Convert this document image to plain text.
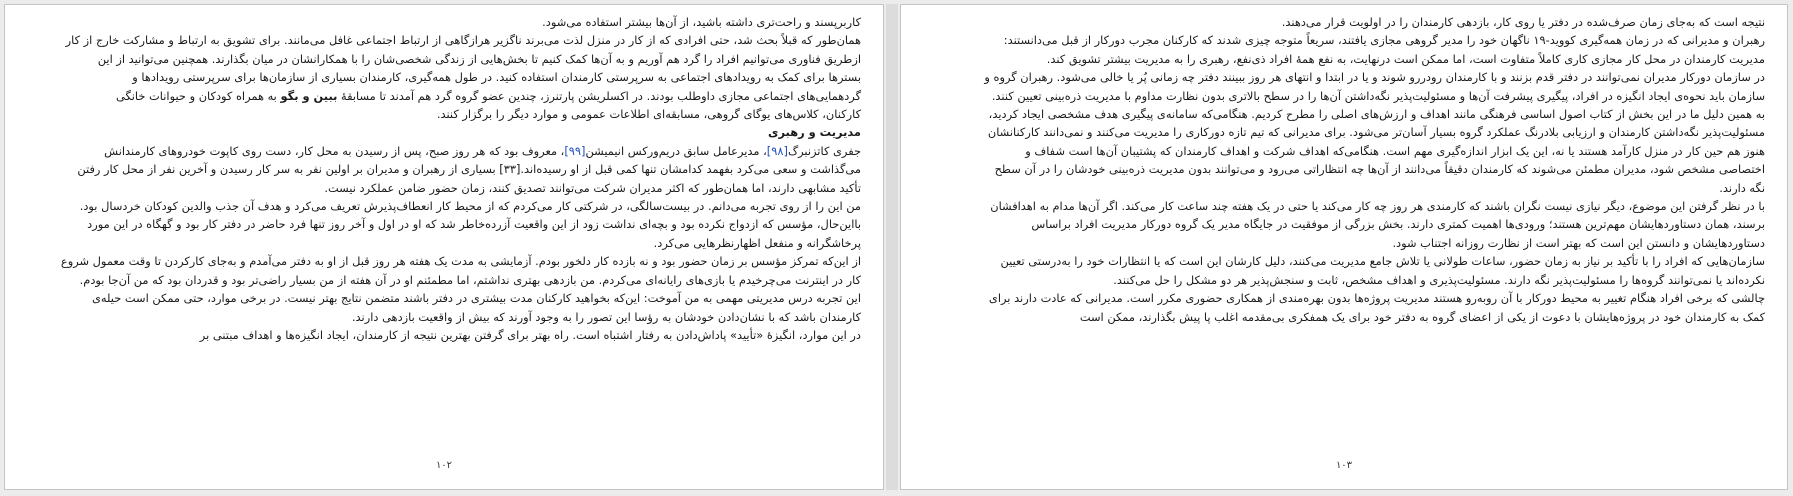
کاربرپسند و راحت‌تری داشته باشید، از آن‌ها بیشتر استفاده می‌شود.

همان‌طور که قبلاً بحث شد، حتی افرادی که از کار در منزل لذت می‌برند ناگزیر هرازگاهی از ارتباط اجتماعی غافل می‌مانند. برای تشویق به ارتباط و مشارکت خارج از کار

ازطریق فناوری می‌توانیم افراد را گرد هم آوریم و به آن‌ها کمک کنیم تا بخش‌هایی از زندگی شخصی‌شان را با همکارانشان در میان بگذارند. همچنین می‌توانید از این

بستر‌ها برای کمک به رویدادهای اجتماعی به سرپرستی کارمندان استفاده کنید. در طول همه‌گیری، کارمندان بسیاری از سازمان‌ها برای سرپرستی رویدادها و

گردهمایی‌های اجتماعی مجازی داوطلب بودند. در اکسلریشن پارتنرز، چندین عضو گروه گرد هم آمدند تا مسابقهٔ ببین و بگو به همراه کودکان و حیوانات خانگی

کارکنان، کلاس‌های یوگای گروهی، مسابقه‌ای اطلاعات عمومی و موارد دیگر را برگزار کنند.

مدیریت و رهبری

جفری کاتزنبرگ[۹۸]، مدیرعامل سابق دریم‌ورکس انیمیشن[۹۹]، معروف بود که هر روز صبح، پس از رسیدن به محل کار، دست روی کاپوت خودروهای کارمندانش

می‌گذاشت و سعی می‌کرد بفهمد کدامشان تنها کمی قبل از او رسیده‌اند.[۳۳] بسیاری از رهبران و مدیران بر اولین نفر به سر کار رسیدن و آخرین نفر از محل کار رفتن

تأکید مشابهی دارند، اما همان‌طور که اکثر مدیران شرکت می‌توانند تصدیق کنند، زمان حضور ضامن عملکرد نیست.

من این را از روی تجربه می‌دانم. در بیست‌سالگی، در شرکتی کار می‌کردم که از محیط کار انعطاف‌پذیرش تعریف می‌کرد و هدف آن جذب والدین کودکان خردسال بود.

بااین‌حال، مؤسس که ازدواج نکرده بود و بچه‌ای نداشت زود از این واقعیت آزرده‌خاطر شد که او در اول و آخر روز تنها فرد حاضر در دفتر کار بود و گهگاه در این مورد

پرخاشگرانه و منفعل اظهارنظرهایی می‌کرد.

از این‌که تمرکز مؤسس بر زمان حضور بود و نه بازده کار دلخور بودم. آزمایشی به مدت یک هفته هر روز قبل از او به دفتر می‌آمدم و به‌جای کارکردن تا وقت معمول شروع

کار در اینترنت می‌چرخیدم یا بازی‌های رایانه‌ای می‌کردم. من بازدهی بهتری نداشتم، اما مطمئنم او در آن هفته از من بسیار راضی‌تر بود و قدردان بود که من آن‌جا بودم.

این تجربه درس مدیریتی مهمی به من آموخت: این‌که بخواهید کارکنان مدت بیشتری در دفتر باشند متضمن نتایج بهتر نیست. در برخی موارد، حتی ممکن است حیله‌ی

کارمندان باشد که با نشان‌دادن خودشان به رؤسا این تصور را به وجود آورند که بیش از واقعیت بازدهی دارند.

در این موارد، انگیزهٔ «تأیید» پاداش‌دادن به رفتار اشتباه است. راه بهتر برای گرفتن بهترین نتیجه از کارمندان، ایجاد انگیزه‌ها و اهداف مبتنی بر

۱۰۲

نتیجه است که به‌جای زمان صرف‌شده در دفتر یا روی کار، بازدهی کارمندان را در اولویت قرار می‌دهند.

رهبران و مدیرانی که در زمان همه‌گیری کووید-۱۹ ناگهان خود را مدیر گروهی مجازی یافتند، سریعاً متوجه چیزی شدند که کارکنان مجرب دورکار از قبل می‌دانستند:

مدیریت کارمندان در محل کار مجازی کاری کاملاً متفاوت است، اما ممکن است درنهایت، به نفع همهٔ افراد ذی‌نفع، رهبری را به مدیریت بیشتر تشویق کند.

در سازمان دورکار مدیران نمی‌توانند در دفتر قدم بزنند و با کارمندان رودررو شوند و یا در ابتدا و انتهای هر روز ببینند دفتر چه زمانی پُر یا خالی می‌شود. رهبران گروه و

سازمان باید نحوه‌ی ایجاد انگیزه در افراد، پیگیری پیشرفت آن‌ها و مسئولیت‌پذیر نگه‌داشتن آن‌ها را در سطح بالاتری بدون نظارت مداوم با مدیریت ذره‌بینی تعیین کنند.

به همین دلیل ما در این بخش از کتاب اصول اساسی فرهنگی مانند اهداف و ارزش‌های اصلی را مطرح کردیم. هنگامی‌که سامانه‌ی پیگیری هدف مشخصی ایجاد کردید،

مسئولیت‌پذیر نگه‌داشتن کارمندان و ارزیابی بلادرنگ عملکرد گروه بسیار آسان‌تر می‌شود. برای مدیرانی که تیم تازه دورکاری را مدیریت می‌کنند و نمی‌دانند کارکنانشان

هنوز هم حین کار در منزل کارآمد هستند یا نه، این یک ابزار اندازه‌گیری مهم است. هنگامی‌که اهداف شرکت و اهداف کارمندان که پشتیبان آن‌ها است شفاف و

اختصاصی مشخص شود، مدیران مطمئن می‌شوند که کارمندان دقیقاً می‌دانند از آن‌ها چه انتظاراتی می‌رود و می‌توانند بدون مدیریت ذره‌بینی خودشان را در آن سطح

نگه دارند.

با در نظر گرفتن این موضوع، دیگر نیازی نیست نگران باشند که کارمندی هر روز چه کار می‌کند یا حتی در یک هفته چند ساعت کار می‌کند. اگر آن‌ها مدام به اهدافشان

برسند، همان دستاوردهایشان مهم‌ترین هستند؛ ورودی‌ها اهمیت کمتری دارند. بخش بزرگی از موفقیت در جایگاه مدیر یک گروه دورکار مدیریت افراد براساس

دستاوردهایشان و دانستن این است که بهتر است از نظارت روزانه اجتناب شود.

سازمان‌هایی که افراد را با تأکید بر نیاز به زمان حضور، ساعات طولانی یا تلاش جامع مدیریت می‌کنند، دلیل کارشان این است که یا انتظارات خود را به‌درستی تعیین

نکرده‌اند یا نمی‌توانند گروه‌ها را مسئولیت‌پذیر نگه دارند. مسئولیت‌پذیری و اهداف مشخص، ثابت و سنجش‌پذیر هر دو مشکل را حل می‌کنند.

چالشی که برخی افراد هنگام تغییر به محیط دورکار با آن روبه‌رو هستند مدیریت پروژه‌ها بدون بهره‌مندی از همکاری حضوری مکرر است. مدیرانی که عادت دارند برای

کمک به کارمندان خود در پروژه‌هایشان با دعوت از یکی از اعضای گروه به دفتر خود برای یک همفکری بی‌مقدمه اغلب پا پیش بگذارند، ممکن است

۱۰۳
